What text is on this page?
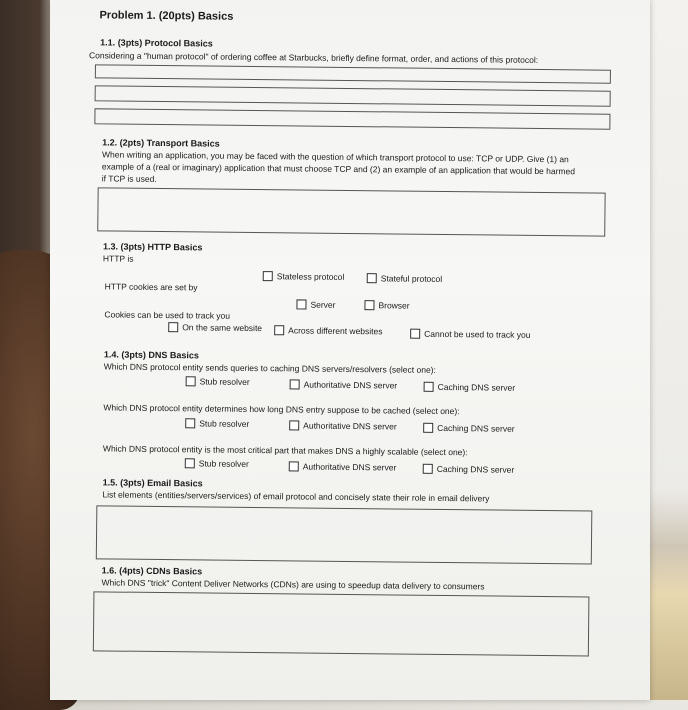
Problem 1. (20pts) Basics
1.1. (3pts) Protocol Basics
Considering a "human protocol" of ordering coffee at Starbucks, briefly define format, order, and actions of this protocol:
1.2. (2pts) Transport Basics
When writing an application, you may be faced with the question of which transport protocol to use: TCP or UDP. Give (1) an
example of a (real or imaginary) application that must choose TCP and (2) an example of an application that would be harmed
if TCP is used.
1.3. (3pts) HTTP Basics
HTTP is
Stateless protocol	Stateful protocol
HTTP cookies are set by
Server	Browser
Cookies can be used to track you
On the same website	Across different websites	Cannot be used to track you
1.4. (3pts) DNS Basics
Which DNS protocol entity sends queries to caching DNS servers/resolvers (select one):
Stub resolver	Authoritative DNS server	Caching DNS server
Which DNS protocol entity determines how long DNS entry suppose to be cached (select one):
Stub resolver	Authoritative DNS server	Caching DNS server
Which DNS protocol entity is the most critical part that makes DNS a highly scalable (select one):
Stub resolver	Authoritative DNS server	Caching DNS server
1.5. (3pts) Email Basics
List elements (entities/servers/services) of email protocol and concisely state their role in email delivery
1.6. (4pts) CDNs Basics
Which DNS "trick" Content Deliver Networks (CDNs) are using to speedup data delivery to consumers
